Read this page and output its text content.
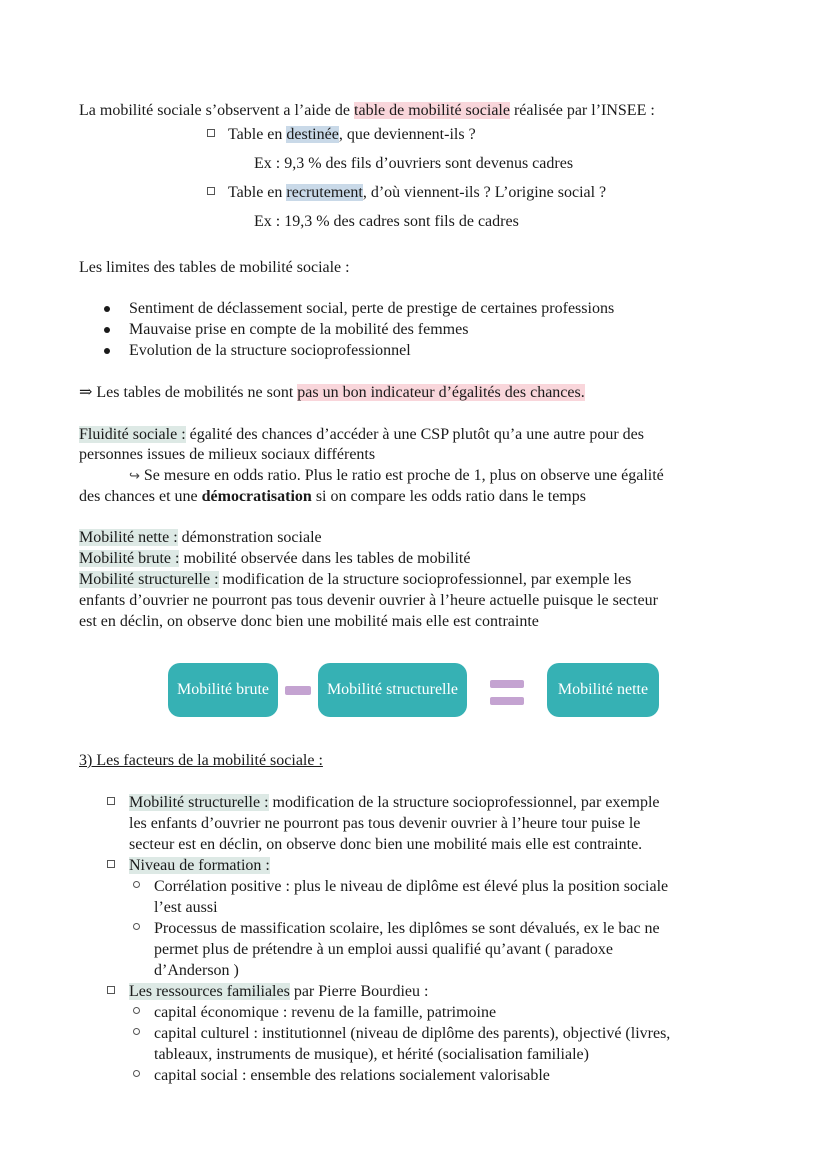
La mobilité sociale s’observent a l’aide de table de mobilité sociale réalisée par l’INSEE :
Table en destinée, que deviennent-ils ?
Ex : 9,3 % des fils d’ouvriers sont devenus cadres
Table en recrutement, d’où viennent-ils ? L’origine social ?
Ex : 19,3 % des cadres sont fils de cadres
Les limites des tables de mobilité sociale :
Sentiment de déclassement social, perte de prestige de certaines professions
Mauvaise prise en compte de la mobilité des femmes
Evolution de la structure socioprofessionnel
⇒ Les tables de mobilités ne sont pas un bon indicateur d’égalités des chances.
Fluidité sociale : égalité des chances d’accéder à une CSP plutôt qu’a une autre pour des
personnes issues de milieux sociaux différents
↪ Se mesure en odds ratio. Plus le ratio est proche de 1, plus on observe une égalité
des chances et une démocratisation si on compare les odds ratio dans le temps
Mobilité nette : démonstration sociale
Mobilité brute : mobilité observée dans les tables de mobilité
Mobilité structurelle : modification de la structure socioprofessionnel, par exemple les
enfants d’ouvrier ne pourront pas tous devenir ouvrier à l’heure actuelle puisque le secteur
est en déclin, on observe donc bien une mobilité mais elle est contrainte
Mobilité brute	Mobilité structurelle	Mobilité nette
3) Les facteurs de la mobilité sociale :
Mobilité structurelle : modification de la structure socioprofessionnel, par exemple
les enfants d’ouvrier ne pourront pas tous devenir ouvrier à l’heure tour puise le
secteur est en déclin, on observe donc bien une mobilité mais elle est contrainte.
Niveau de formation :
Corrélation positive : plus le niveau de diplôme est élevé plus la position sociale
l’est aussi
Processus de massification scolaire, les diplômes se sont dévalués, ex le bac ne
permet plus de prétendre à un emploi aussi qualifié qu’avant ( paradoxe
d’Anderson )
Les ressources familiales par Pierre Bourdieu :
capital économique : revenu de la famille, patrimoine
capital culturel : institutionnel (niveau de diplôme des parents), objectivé (livres,
tableaux, instruments de musique), et hérité (socialisation familiale)
capital social : ensemble des relations socialement valorisable
